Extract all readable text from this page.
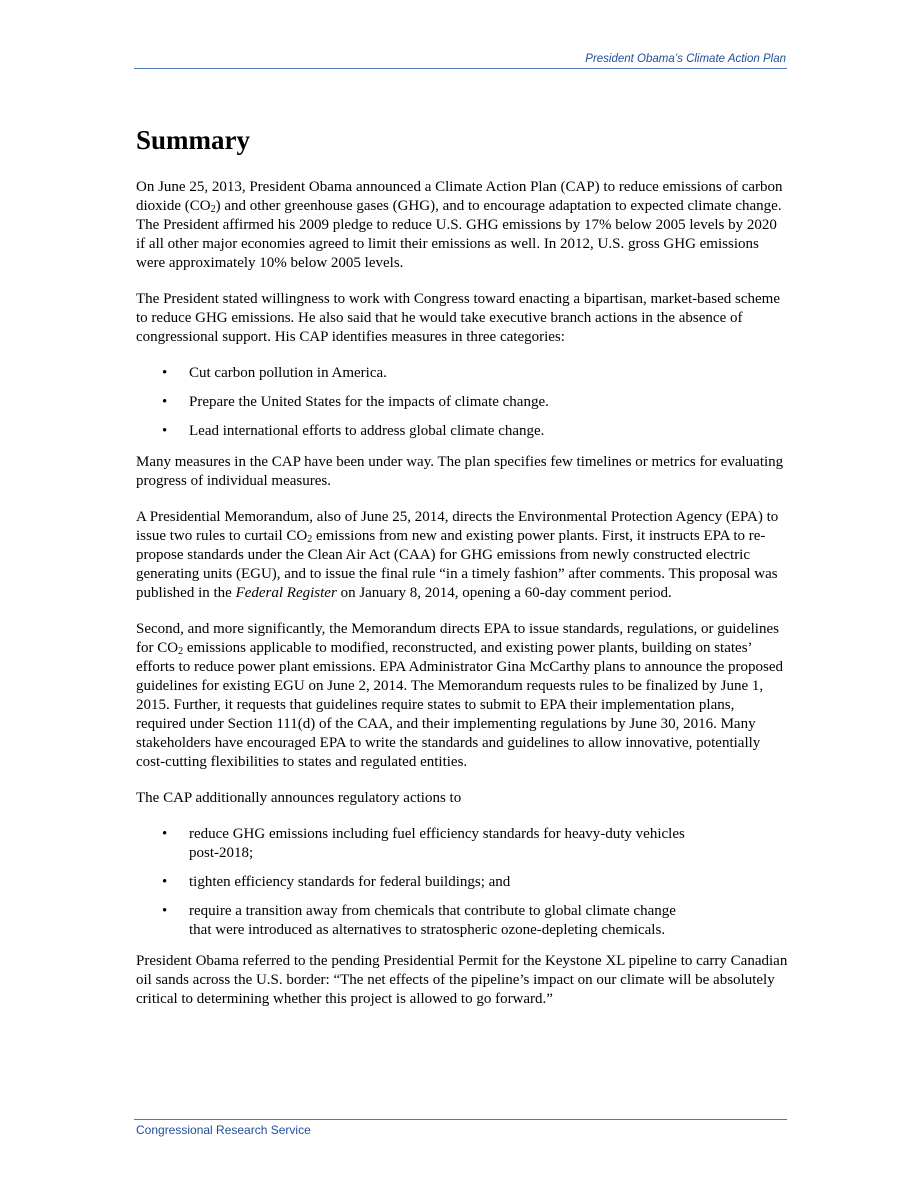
President Obama’s Climate Action Plan
Summary

On June 25, 2013, President Obama announced a Climate Action Plan (CAP) to reduce emissions of carbon dioxide $(CO_2)$ and other greenhouse gases (GHG), and to encourage adaptation to expected climate change. The President affirmed his 2009 pledge to reduce U.S. GHG emissions by 17% below 2005 levels by 2020 if all other major economies agreed to limit their emissions as well. In 2012, U.S. gross GHG emissions were approximately 10% below 2005 levels.

The President stated willingness to work with Congress toward enacting a bipartisan, market-based scheme to reduce GHG emissions. He also said that he would take executive branch actions in the absence of congressional support. His CAP identifies measures in three categories:

• Cut carbon pollution in America.
• Prepare the United States for the impacts of climate change.
• Lead international efforts to address global climate change.

Many measures in the CAP have been under way. The plan specifies few timelines or metrics for evaluating progress of individual measures.

A Presidential Memorandum, also of June 25, 2014, directs the Environmental Protection Agency (EPA) to issue two rules to curtail $CO_2$ emissions from new and existing power plants. First, it instructs EPA to re-propose standards under the Clean Air Act (CAA) for GHG emissions from newly constructed electric generating units (EGU), and to issue the final rule “in a timely fashion” after comments. This proposal was published in the Federal Register on January 8, 2014, opening a 60-day comment period.

Second, and more significantly, the Memorandum directs EPA to issue standards, regulations, or guidelines for $CO_2$ emissions applicable to modified, reconstructed, and existing power plants, building on states’ efforts to reduce power plant emissions. EPA Administrator Gina McCarthy plans to announce the proposed guidelines for existing EGU on June 2, 2014. The Memorandum requests rules to be finalized by June 1, 2015. Further, it requests that guidelines require states to submit to EPA their implementation plans, required under Section 111(d) of the CAA, and their implementing regulations by June 30, 2016. Many stakeholders have encouraged EPA to write the standards and guidelines to allow innovative, potentially cost-cutting flexibilities to states and regulated entities.

The CAP additionally announces regulatory actions to

• reduce GHG emissions including fuel efficiency standards for heavy-duty vehicles post-2018;
• tighten efficiency standards for federal buildings; and
• require a transition away from chemicals that contribute to global climate change that were introduced as alternatives to stratospheric ozone-depleting chemicals.

President Obama referred to the pending Presidential Permit for the Keystone XL pipeline to carry Canadian oil sands across the U.S. border: “The net effects of the pipeline’s impact on our climate will be absolutely critical to determining whether this project is allowed to go forward.”

Congressional Research Service
